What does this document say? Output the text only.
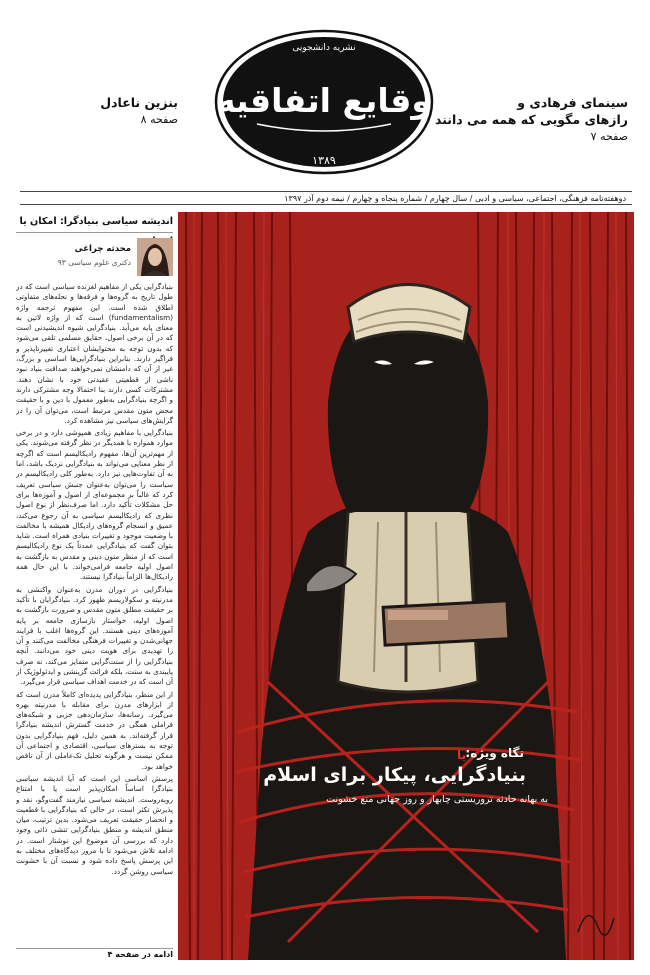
نشریه دانشجویی
وقایع اتفاقیه
۱۳۸۹
سینمای فرهادی و
رازهای مگویی که همه می دانند
صفحه ۷
بنزین ناعادل
صفحه ۸
دوهفته‌نامه فرهنگی، اجتماعی، سیاسی و ادبی / سال چهارم / شماره پنجاه و چهارم / نیمه دوم آذر ۱۳۹۷
اندیشه سیاسی بنیادگرا: امکان یا
محدثه چراغی
دکتری علوم سیاسی ۹۳

بنیادگرایی یکی از مفاهیم لغزنده سیاسی است که در طول تاریخ به گروه‌ها و فرقه‌ها و نحله‌های متفاوتی اطلاق شده است. این مفهوم ترجمه واژه (fundamentalism) است که از واژه لاتین به معنای پایه می‌آید. بنیادگرایی شیوه اندیشیدنی است که در آن برخی اصول، حقایق مسلمی تلقی می‌شود که بدون توجه به محتوایشان اعتباری تغییرناپذیر و فراگیر دارند. بنابراین بنیادگرایی‌ها اساسی و بزرگ، غیر از آن که دامنشان نمی‌خواهند صداقت بنیاد نبود ناشی از قطعیتی عقیدتی خود با نشان دهند. مشترکات کسی دارند بنا احتمالا وجه مشترکی دارند و اگرچه بنیادگرایی به‌طور معمول با دین و با حقیقت محض متون مقدس مرتبط است، می‌توان آن را در گرایش‌های سیاسی نیز مشاهده کرد.

بنیادگرایی با مفاهیم زیادی همپوشی دارد و در برخی موارد همواره با همدیگر در نظر گرفته می‌شوند. یکی از مهم‌ترین آن‌ها، مفهوم رادیکالیسم است که اگرچه از نظر معنایی می‌تواند به بنیادگرایی نزدیک باشد، اما به آن تفاوت‌هایی نیز دارد. به‌طور کلی رادیکالیسم در سیاست را می‌توان به‌عنوان جنبش سیاسی تعریف کرد که غالباً بر مجموعه‌ای از اصول و آموزه‌ها برای حل مشکلات تأکید دارد. اما صرف‌نظر از نوع اصول نظری که رادیکالیسم سیاسی به آن رجوع می‌کند، عمیق و انسجام گروه‌های رادیکال همیشه با مخالفت با وضعیت موجود و تغییرات بنیادی همراه است. شاید بتوان گفت که بنیادگرایی عمدتاً یک نوع رادیکالیسم است که از منظر متون دینی و مقدس به بازگشت به اصول اولیه جامعه فرامی‌خواند. با این حال همه رادیکال‌ها الزاماً بنیادگرا نیستند.

بنیادگرایی در دوران مدرن به‌عنوان واکنشی به مدرنیته و سکولاریسم ظهور کرد. بنیادگرایان با تأکید بر حقیقت مطلق متون مقدس و ضرورت بازگشت به اصول اولیه، خواستار بازسازی جامعه بر پایه آموزه‌های دینی هستند. این گروه‌ها اغلب با فرایند جهانی‌شدن و تغییرات فرهنگی مخالفت می‌کنند و آن را تهدیدی برای هویت دینی خود می‌دانند. آنچه بنیادگرایی را از سنت‌گرایی متمایز می‌کند، نه صرف پایبندی به سنت، بلکه قرائت گزینشی و ایدئولوژیک از آن است که در خدمت اهداف سیاسی قرار می‌گیرد.

از این منظر، بنیادگرایی پدیده‌ای کاملاً مدرن است که از ابزارهای مدرن برای مقابله با مدرنیته بهره می‌گیرد. رسانه‌ها، سازمان‌دهی حزبی و شبکه‌های فراملی همگی در خدمت گسترش اندیشه بنیادگرا قرار گرفته‌اند. به همین دلیل، فهم بنیادگرایی بدون توجه به بسترهای سیاسی، اقتصادی و اجتماعی آن ممکن نیست و هرگونه تحلیل تک‌عاملی از آن ناقص خواهد بود.

پرسش اساسی این است که آیا اندیشه سیاسی بنیادگرا اساساً امکان‌پذیر است یا با امتناع روبه‌روست. اندیشه سیاسی نیازمند گفت‌وگو، نقد و پذیرش تکثر است، در حالی که بنیادگرایی با قطعیت و انحصار حقیقت تعریف می‌شود. بدین ترتیب، میان منطق اندیشه و منطق بنیادگرایی تنشی ذاتی وجود دارد که بررسی آن موضوع این نوشتار است. در ادامه تلاش می‌شود تا با مرور دیدگاه‌های مختلف به این پرسش پاسخ داده شود و نسبت آن با خشونت سیاسی روشن گردد.

ادامه در صفحه ۴
نگاه ویژه:
یا
بنیادگرایی، پیکار برای اسلام
به بهانه حادثه تروریستی چابهار و روز جهانی منع خشونت
